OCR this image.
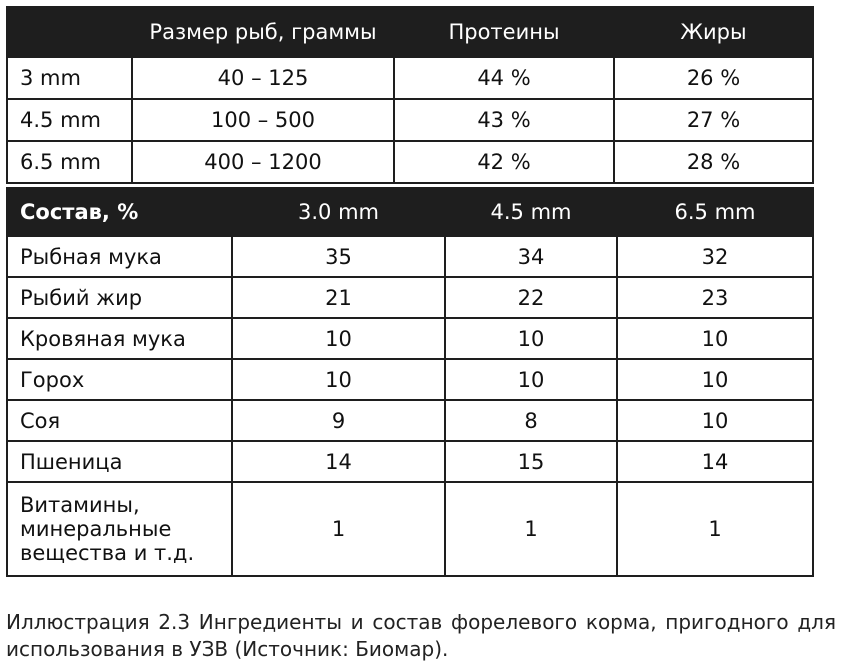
	Размер рыб, граммы	Протеины	Жиры
3 mm	40 – 125	44 %	26 %
4.5 mm	100 – 500	43 %	27 %
6.5 mm	400 – 1200	42 %	28 %
Состав, %	3.0 mm	4.5 mm	6.5 mm
Рыбная мука	35	34	32
Рыбий жир	21	22	23
Кровяная мука	10	10	10
Горох	10	10	10
Соя	9	8	10
Пшеница	14	15	14
Витамины, минеральные вещества и т.д.	1	1	1
Иллюстрация 2.3 Ингредиенты и состав форелевого корма, пригодного для использования в УЗВ (Источник: Биомар).
